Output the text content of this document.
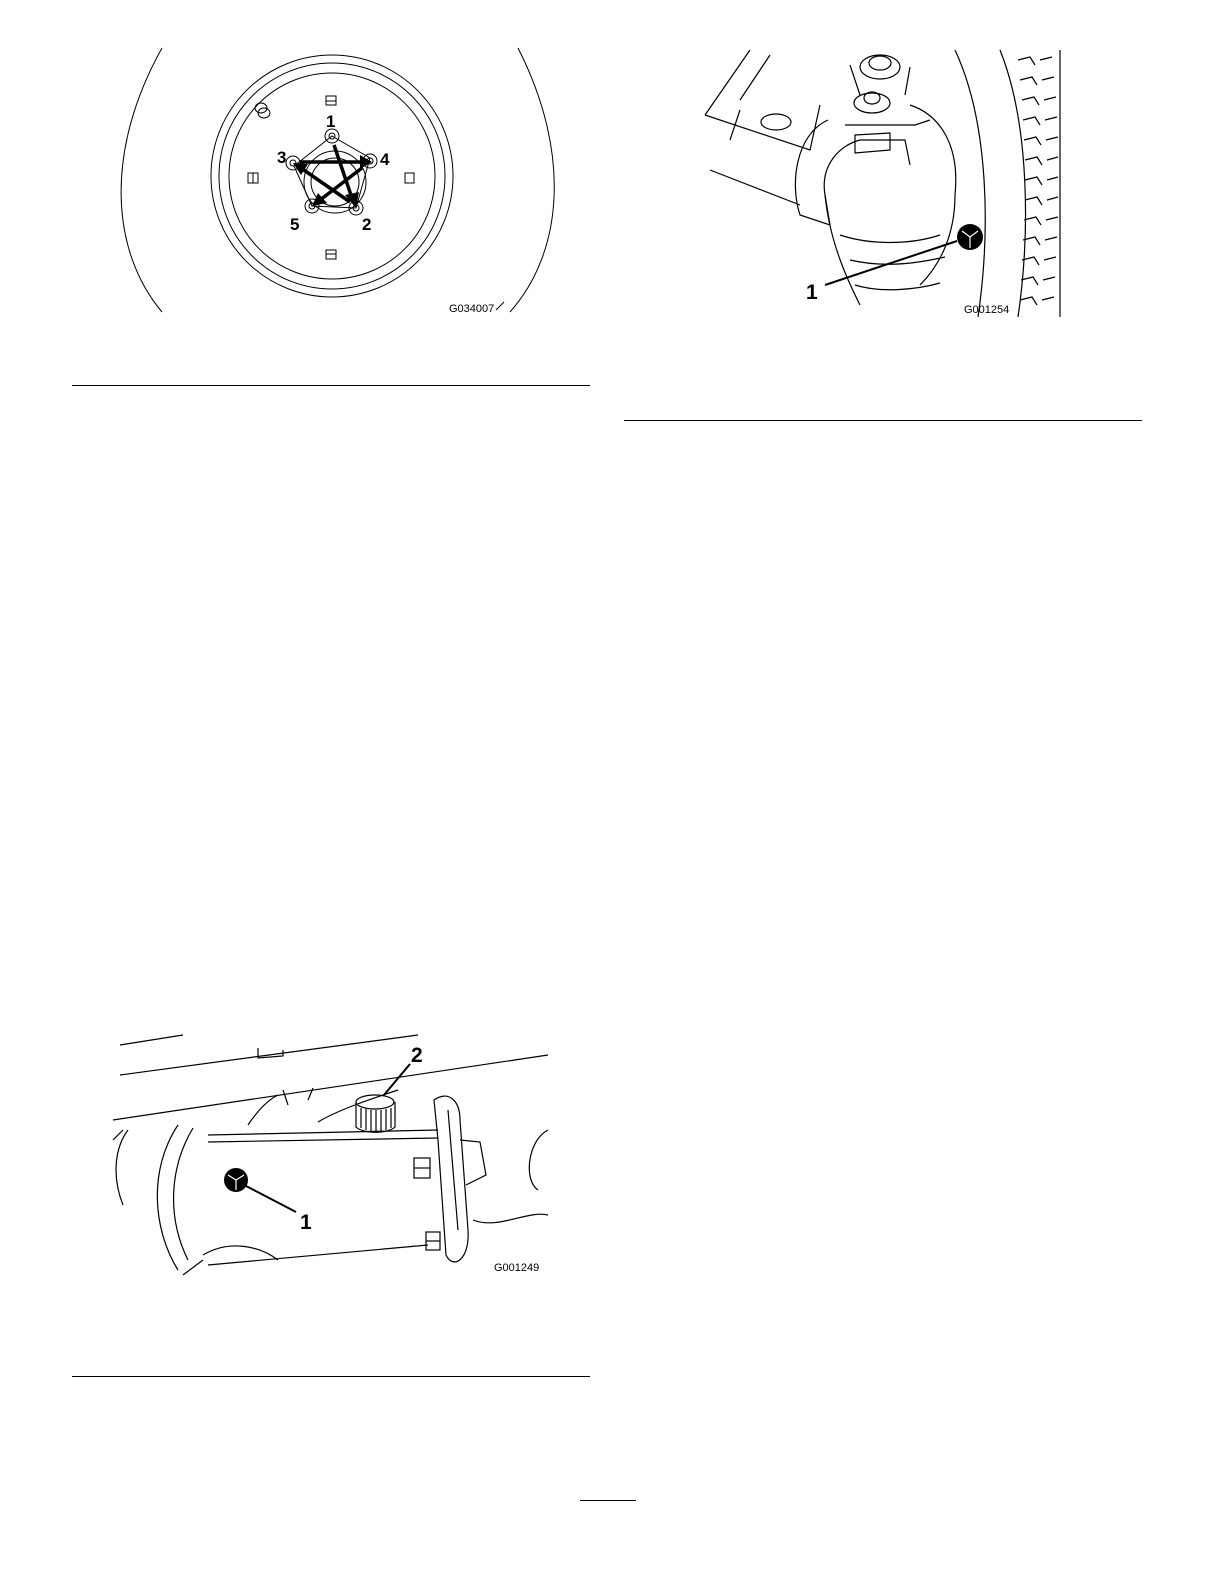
1
2
3	4
5
G034007
1
G001254
1
2
G001249
